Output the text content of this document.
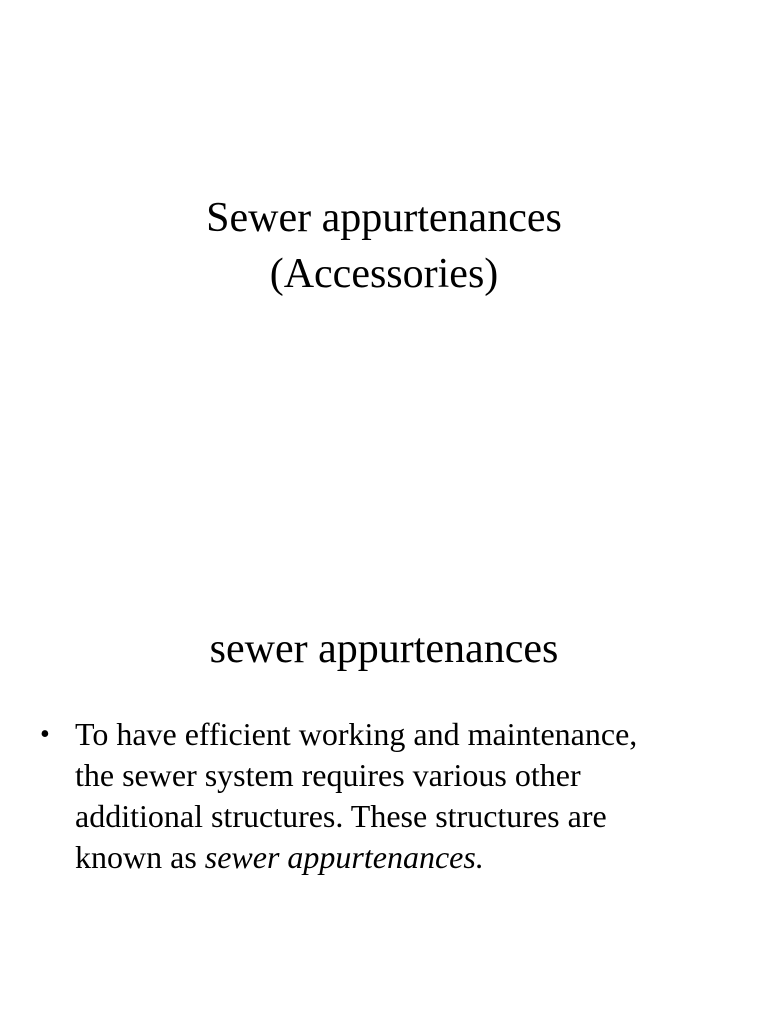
Sewer appurtenances
(Accessories)
sewer appurtenances
• To have efficient working and maintenance,
the sewer system requires various other
additional structures. These structures are
known as sewer appurtenances.
